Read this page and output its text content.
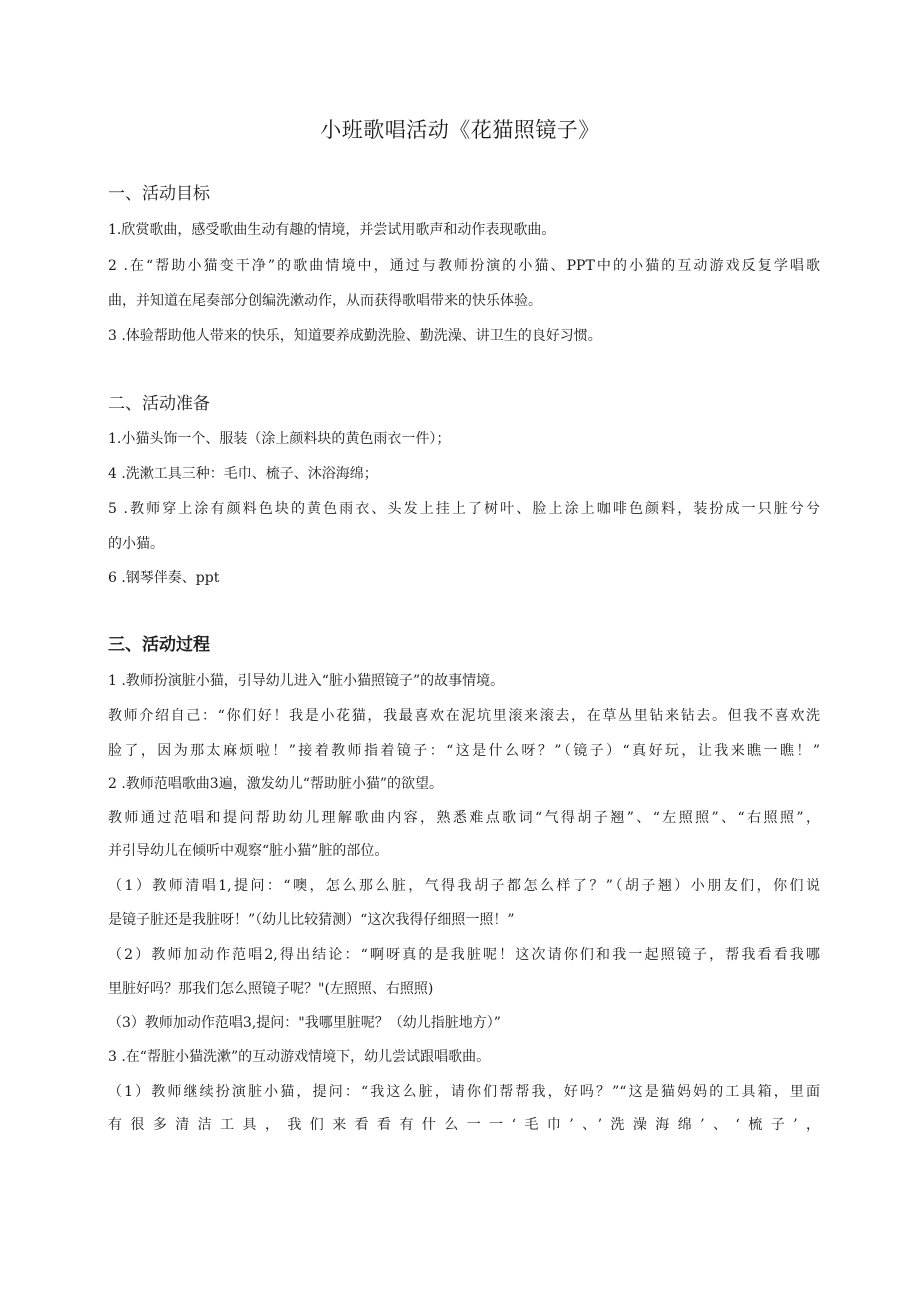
小班歌唱活动《花猫照镜子》
一、活动目标
1.欣赏歌曲，感受歌曲生动有趣的情境，并尝试用歌声和动作表现歌曲。
2 .在“帮助小猫变干净”的歌曲情境中，通过与教师扮演的小猫、PPT中的小猫的互动游戏反复学唱歌
曲，并知道在尾奏部分创编洗漱动作，从而获得歌唱带来的快乐体验。
3 .体验帮助他人带来的快乐，知道要养成勤洗脸、勤洗澡、讲卫生的良好习惯。
二、活动准备
1.小猫头饰一个、服装（涂上颜料块的黄色雨衣一件）；
4 .洗漱工具三种：毛巾、梳子、沐浴海绵；
5 .教师穿上涂有颜料色块的黄色雨衣、头发上挂上了树叶、脸上涂上咖啡色颜料，装扮成一只脏兮兮
的小猫。
6 .钢琴伴奏、ppt
三、活动过程
1 .教师扮演脏小猫，引导幼儿进入“脏小猫照镜子”的故事情境。
教师介绍自己：“你们好！我是小花猫，我最喜欢在泥坑里滚来滚去，在草丛里钻来钻去。但我不喜欢洗
脸了，因为那太麻烦啦！”接着教师指着镜子：“这是什么呀？”（镜子）“真好玩，让我来瞧一瞧！”
2 .教师范唱歌曲3遍，激发幼儿“帮助脏小猫”的欲望。
教师通过范唱和提问帮助幼儿理解歌曲内容，熟悉难点歌词“气得胡子翘”、“左照照”、“右照照”，
并引导幼儿在倾听中观察“脏小猫”脏的部位。
（1）教师清唱1,提问：“噢，怎么那么脏，气得我胡子都怎么样了？”（胡子翘）小朋友们，你们说
是镜子脏还是我脏呀！”（幼儿比较猜测）“这次我得仔细照一照！”
（2）教师加动作范唱2,得出结论：“啊呀真的是我脏呢！这次请你们和我一起照镜子，帮我看看我哪
里脏好吗？那我们怎么照镜子呢？"(左照照、右照照)
（3）教师加动作范唱3,提问："我哪里脏呢？（幼儿指脏地方）”
3 .在“帮脏小猫洗漱”的互动游戏情境下，幼儿尝试跟唱歌曲。
（1）教师继续扮演脏小猫，提问：“我这么脏，请你们帮帮我，好吗？”“这是猫妈妈的工具箱，里面
有很多清洁工具，我们来看看有什么一一‘毛巾’、’洗澡海绵’、‘梳子’，
